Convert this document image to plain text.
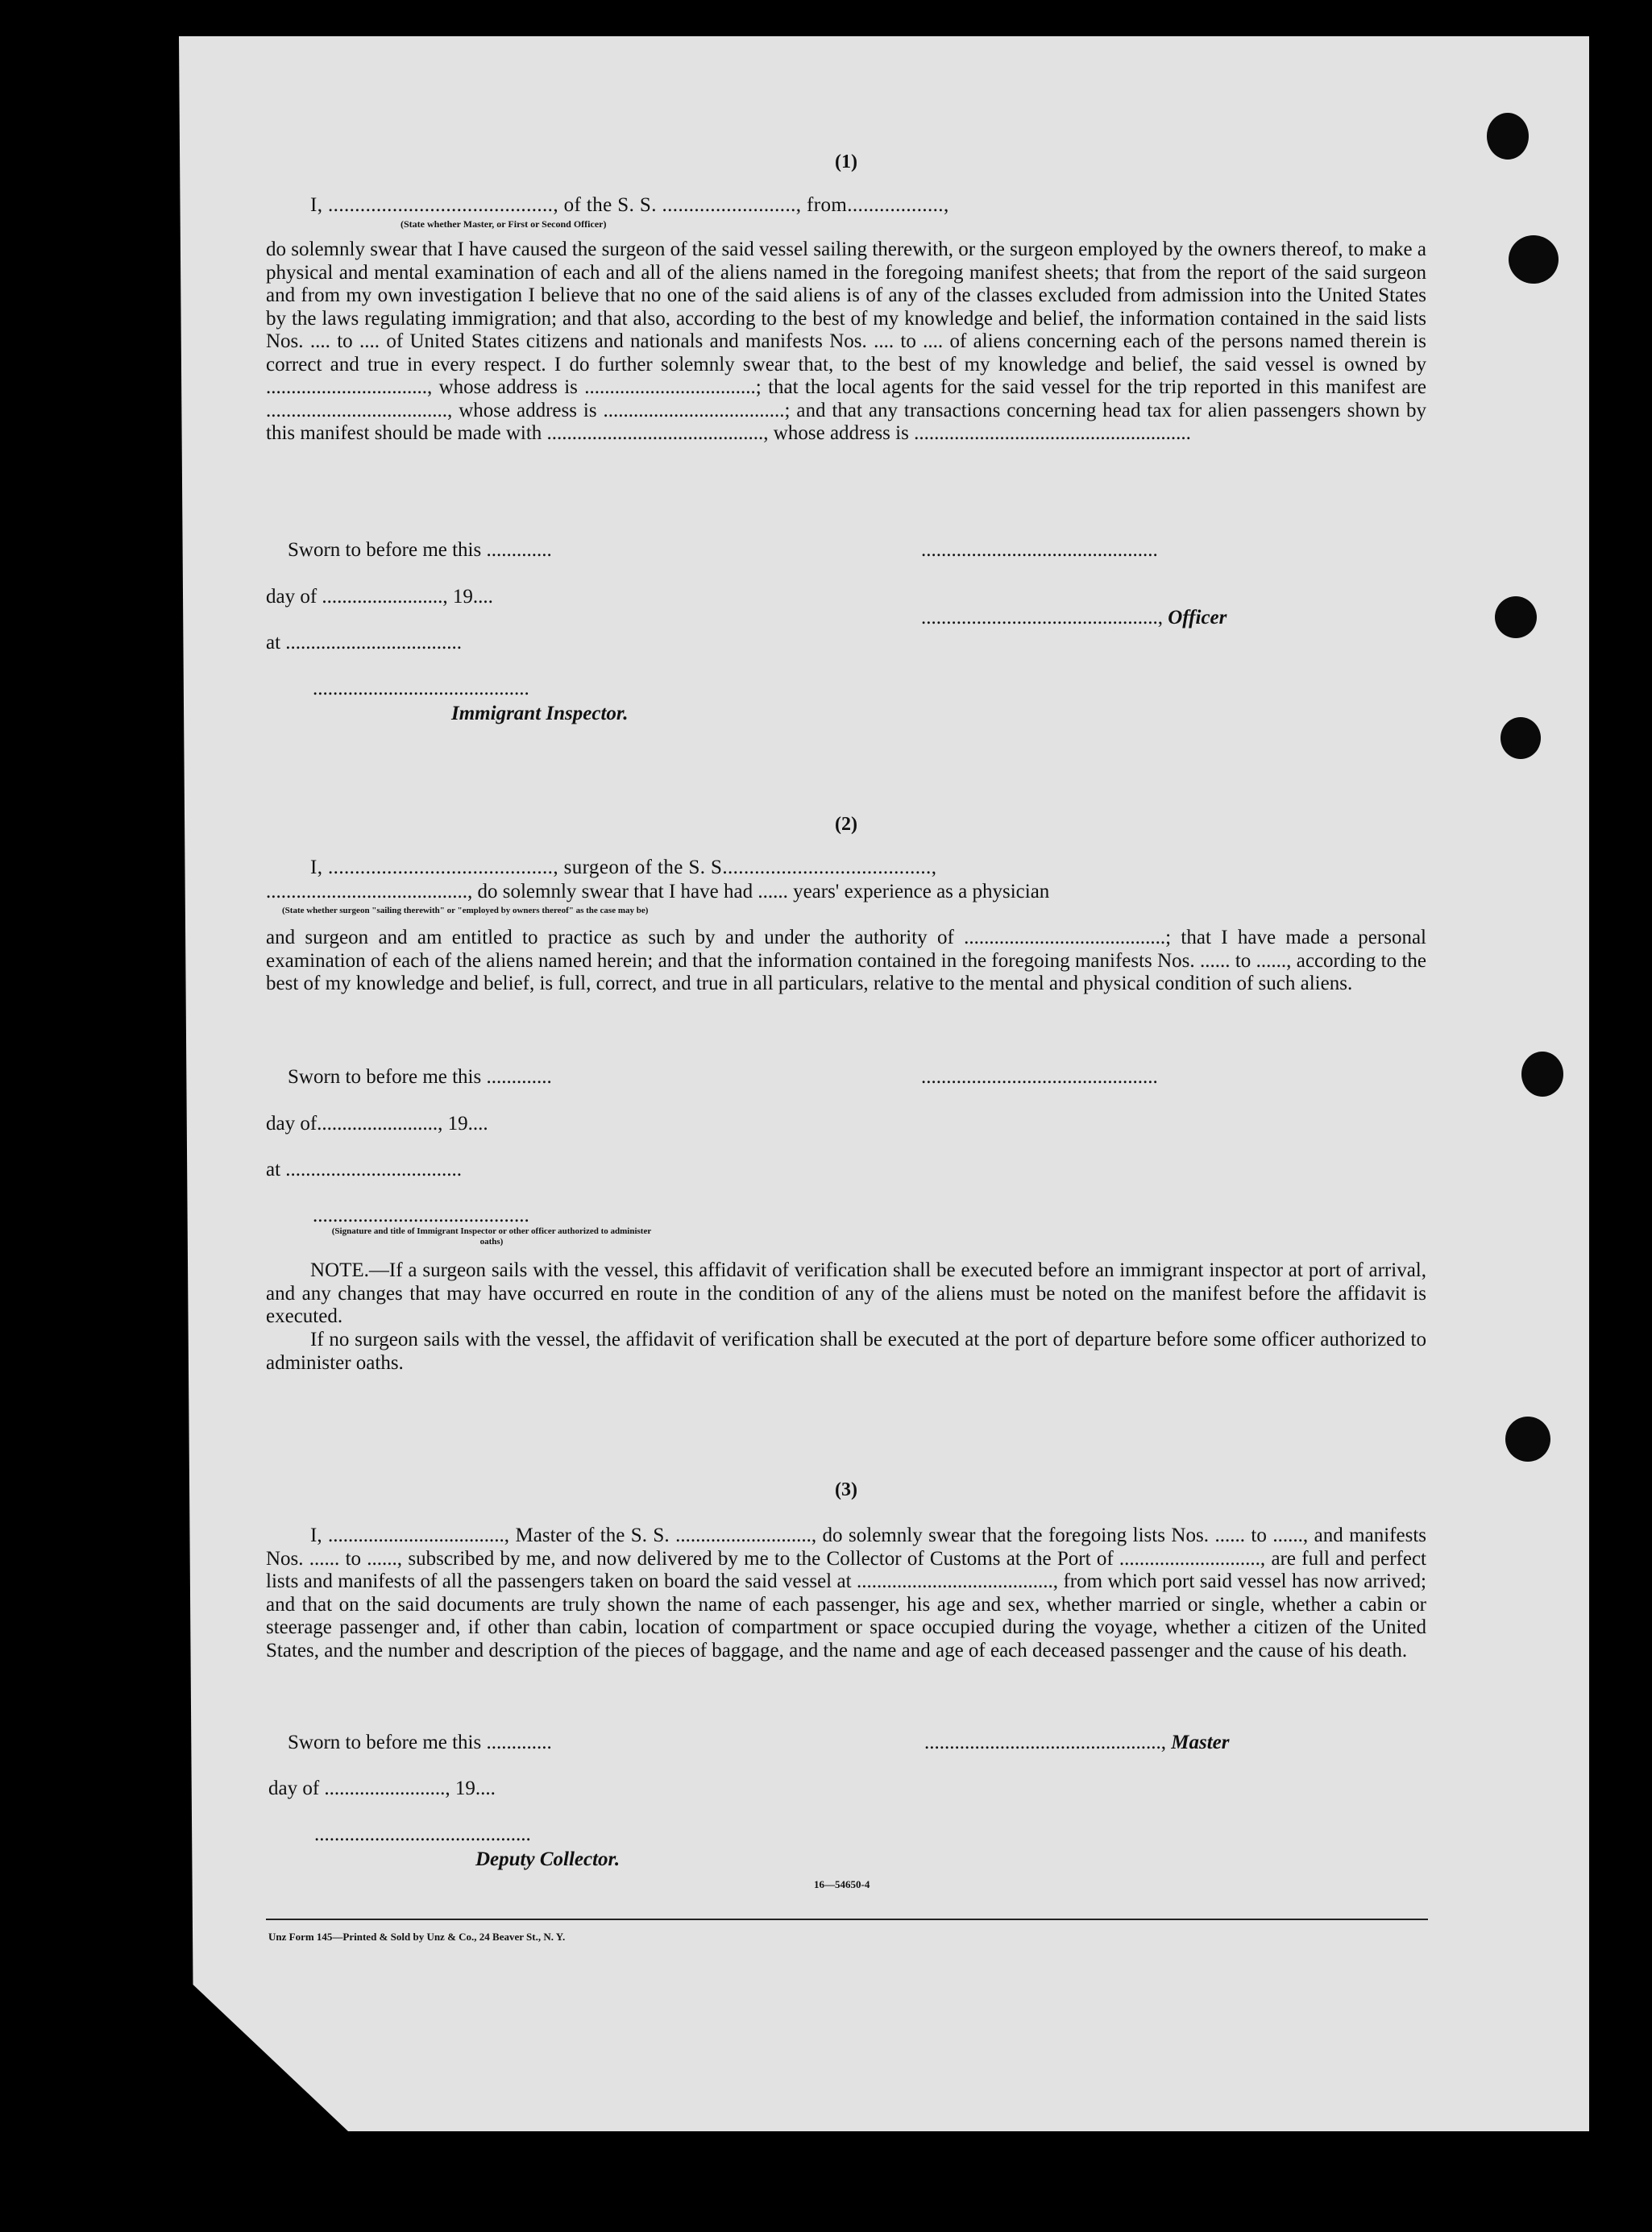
(1)

I, .........................................., of the S. S. ........................., from..................,

(State whether Master, or First or Second Officer)

do solemnly swear that I have caused the surgeon of the said vessel sailing therewith, or the surgeon employed by the owners thereof, to make a physical and mental examination of each and all of the aliens named in the foregoing manifest sheets; that from the report of the said surgeon and from my own investigation I believe that no one of the said aliens is of any of the classes excluded from admission into the United States by the laws regulating immigration; and that also, according to the best of my knowledge and belief, the information contained in the said lists Nos. .... to .... of United States citizens and nationals and manifests Nos. .... to .... of aliens concerning each of the persons named therein is correct and true in every respect. I do further solemnly swear that, to the best of my knowledge and belief, the said vessel is owned by ................................, whose address is ..................................; that the local agents for the said vessel for the trip reported in this manifest are ...................................., whose address is ....................................; and that any transactions concerning head tax for alien passengers shown by this manifest should be made with ..........................................., whose address is .......................................................

Sworn to before me this .............

day of ........................, 19....

at ...................................

...........................................

Immigrant Inspector.

...............................................

..............................................., Officer

(2)

I, .........................................., surgeon of the S. S.......................................,

........................................, do solemnly swear that I have had ...... years' experience as a physician

(State whether surgeon "sailing therewith" or "employed by owners thereof" as the case may be)

and surgeon and am entitled to practice as such by and under the authority of ........................................; that I have made a personal examination of each of the aliens named herein; and that the information contained in the foregoing manifests Nos. ...... to ......, according to the best of my knowledge and belief, is full, correct, and true in all particulars, relative to the mental and physical condition of such aliens.

Sworn to before me this .............

day of........................, 19....

at ...................................

...........................................

(Signature and title of Immigrant Inspector or other officer authorized to administer oaths)

...............................................

NOTE.—If a surgeon sails with the vessel, this affidavit of verification shall be executed before an immigrant inspector at port of arrival, and any changes that may have occurred en route in the condition of any of the aliens must be noted on the manifest before the affidavit is executed.

If no surgeon sails with the vessel, the affidavit of verification shall be executed at the port of departure before some officer authorized to administer oaths.

(3)

I, ..................................., Master of the S. S. ..........................., do solemnly swear that the foregoing lists Nos. ...... to ......, and manifests Nos. ...... to ......, subscribed by me, and now delivered by me to the Collector of Customs at the Port of ............................, are full and perfect lists and manifests of all the passengers taken on board the said vessel at ......................................., from which port said vessel has now arrived; and that on the said documents are truly shown the name of each passenger, his age and sex, whether married or single, whether a cabin or steerage passenger and, if other than cabin, location of compartment or space occupied during the voyage, whether a citizen of the United States, and the number and description of the pieces of baggage, and the name and age of each deceased passenger and the cause of his death.

Sworn to before me this .............

day of ........................, 19....

...........................................

Deputy Collector.

..............................................., Master

16—54650-4

Unz Form 145—Printed & Sold by Unz & Co., 24 Beaver St., N. Y.
